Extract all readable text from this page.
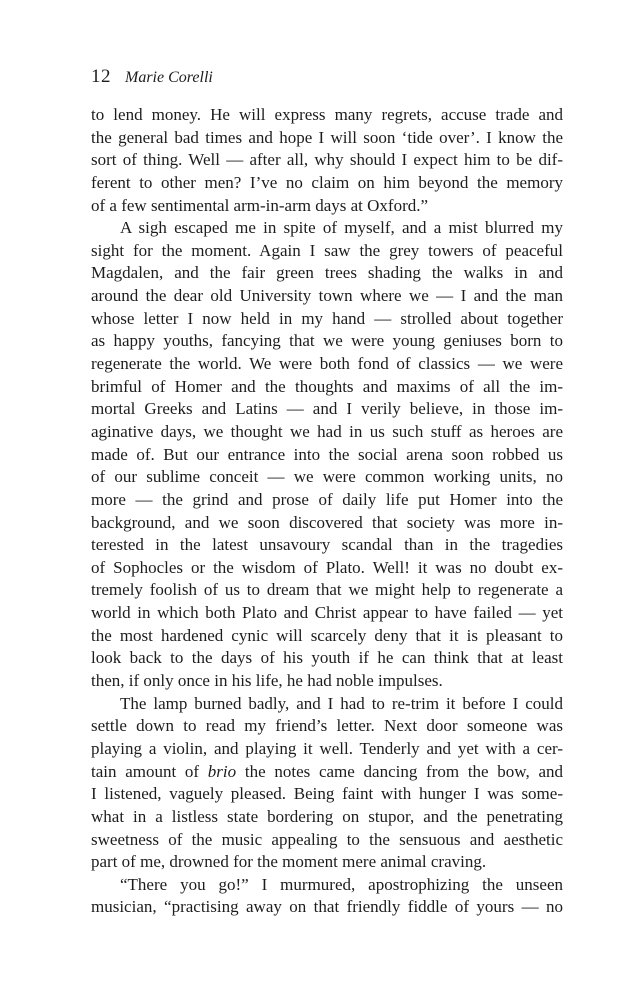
12 Marie Corelli
to lend money. He will express many regrets, accuse trade and
the general bad times and hope I will soon ‘tide over’. I know the
sort of thing. Well — after all, why should I expect him to be dif-
ferent to other men? I’ve no claim on him beyond the memory
of a few sentimental arm-in-arm days at Oxford.”
A sigh escaped me in spite of myself, and a mist blurred my
sight for the moment. Again I saw the grey towers of peaceful
Magdalen, and the fair green trees shading the walks in and
around the dear old University town where we — I and the man
whose letter I now held in my hand — strolled about together
as happy youths, fancying that we were young geniuses born to
regenerate the world. We were both fond of classics — we were
brimful of Homer and the thoughts and maxims of all the im-
mortal Greeks and Latins — and I verily believe, in those im-
aginative days, we thought we had in us such stuff as heroes are
made of. But our entrance into the social arena soon robbed us
of our sublime conceit — we were common working units, no
more — the grind and prose of daily life put Homer into the
background, and we soon discovered that society was more in-
terested in the latest unsavoury scandal than in the tragedies
of Sophocles or the wisdom of Plato. Well! it was no doubt ex-
tremely foolish of us to dream that we might help to regenerate a
world in which both Plato and Christ appear to have failed — yet
the most hardened cynic will scarcely deny that it is pleasant to
look back to the days of his youth if he can think that at least
then, if only once in his life, he had noble impulses.
The lamp burned badly, and I had to re-trim it before I could
settle down to read my friend’s letter. Next door someone was
playing a violin, and playing it well. Tenderly and yet with a cer-
tain amount of brio the notes came dancing from the bow, and
I listened, vaguely pleased. Being faint with hunger I was some-
what in a listless state bordering on stupor, and the penetrating
sweetness of the music appealing to the sensuous and aesthetic
part of me, drowned for the moment mere animal craving.
“There you go!” I murmured, apostrophizing the unseen
musician, “practising away on that friendly fiddle of yours — no
